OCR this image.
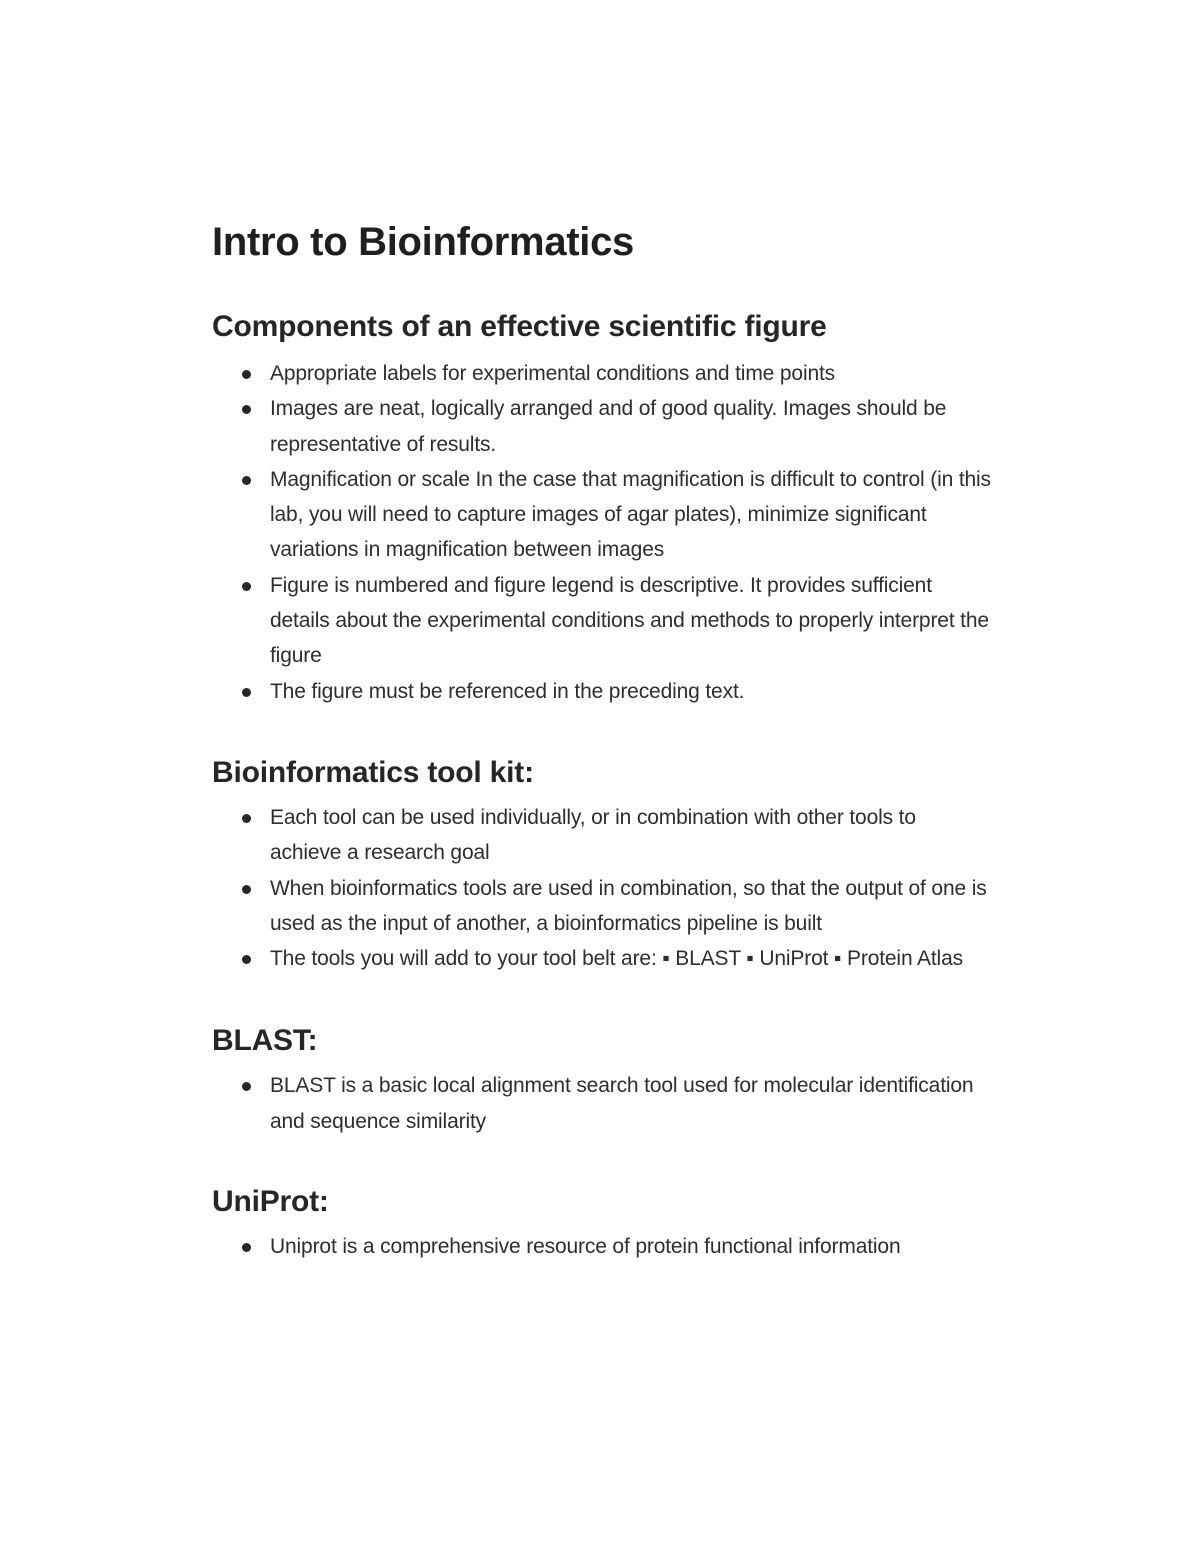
Intro to Bioinformatics
Components of an effective scientific figure
Appropriate labels for experimental conditions and time points
Images are neat, logically arranged and of good quality. Images should be representative of results.
Magnification or scale In the case that magnification is difficult to control (in this lab, you will need to capture images of agar plates), minimize significant variations in magnification between images
Figure is numbered and figure legend is descriptive. It provides sufficient details about the experimental conditions and methods to properly interpret the figure
The figure must be referenced in the preceding text.
Bioinformatics tool kit:
Each tool can be used individually, or in combination with other tools to achieve a research goal
When bioinformatics tools are used in combination, so that the output of one is used as the input of another, a bioinformatics pipeline is built
The tools you will add to your tool belt are: ▪ BLAST ▪ UniProt ▪ Protein Atlas
BLAST:
BLAST is a basic local alignment search tool used for molecular identification and sequence similarity
UniProt:
Uniprot is a comprehensive resource of protein functional information
